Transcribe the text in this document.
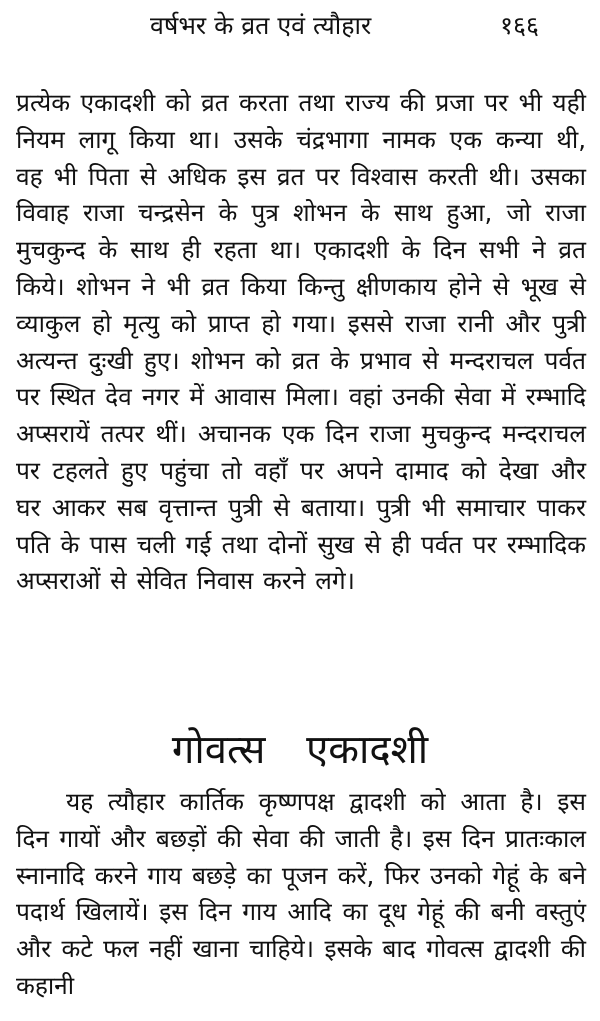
वर्षभर के व्रत एवं त्यौहार	१६६

प्रत्येक एकादशी को व्रत करता तथा राज्य की प्रजा पर भी यही नियम लागू किया था। उसके चंद्रभागा नामक एक कन्या थी, वह भी पिता से अधिक इस व्रत पर विश्वास करती थी। उसका विवाह राजा चन्द्रसेन के पुत्र शोभन के साथ हुआ, जो राजा मुचकुन्द के साथ ही रहता था। एकादशी के दिन सभी ने व्रत किये। शोभन ने भी व्रत किया किन्तु क्षीणकाय होने से भूख से व्याकुल हो मृत्यु को प्राप्त हो गया। इससे राजा रानी और पुत्री अत्यन्त दुःखी हुए। शोभन को व्रत के प्रभाव से मन्दराचल पर्वत पर स्थित देव नगर में आवास मिला। वहां उनकी सेवा में रम्भादि अप्सरायें तत्पर थीं। अचानक एक दिन राजा मुचकुन्द मन्दराचल पर टहलते हुए पहुंचा तो वहाँ पर अपने दामाद को देखा और घर आकर सब वृत्तान्त पुत्री से बताया। पुत्री भी समाचार पाकर पति के पास चली गई तथा दोनों सुख से ही पर्वत पर रम्भादिक अप्सराओं से सेवित निवास करने लगे।

गोवत्स एकादशी

यह त्यौहार कार्तिक कृष्णपक्ष द्वादशी को आता है। इस दिन गायों और बछड़ों की सेवा की जाती है। इस दिन प्रातःकाल स्नानादि करने गाय बछड़े का पूजन करें, फिर उनको गेहूं के बने पदार्थ खिलायें। इस दिन गाय आदि का दूध गेहूं की बनी वस्तुएं और कटे फल नहीं खाना चाहिये। इसके बाद गोवत्स द्वादशी की कहानी
